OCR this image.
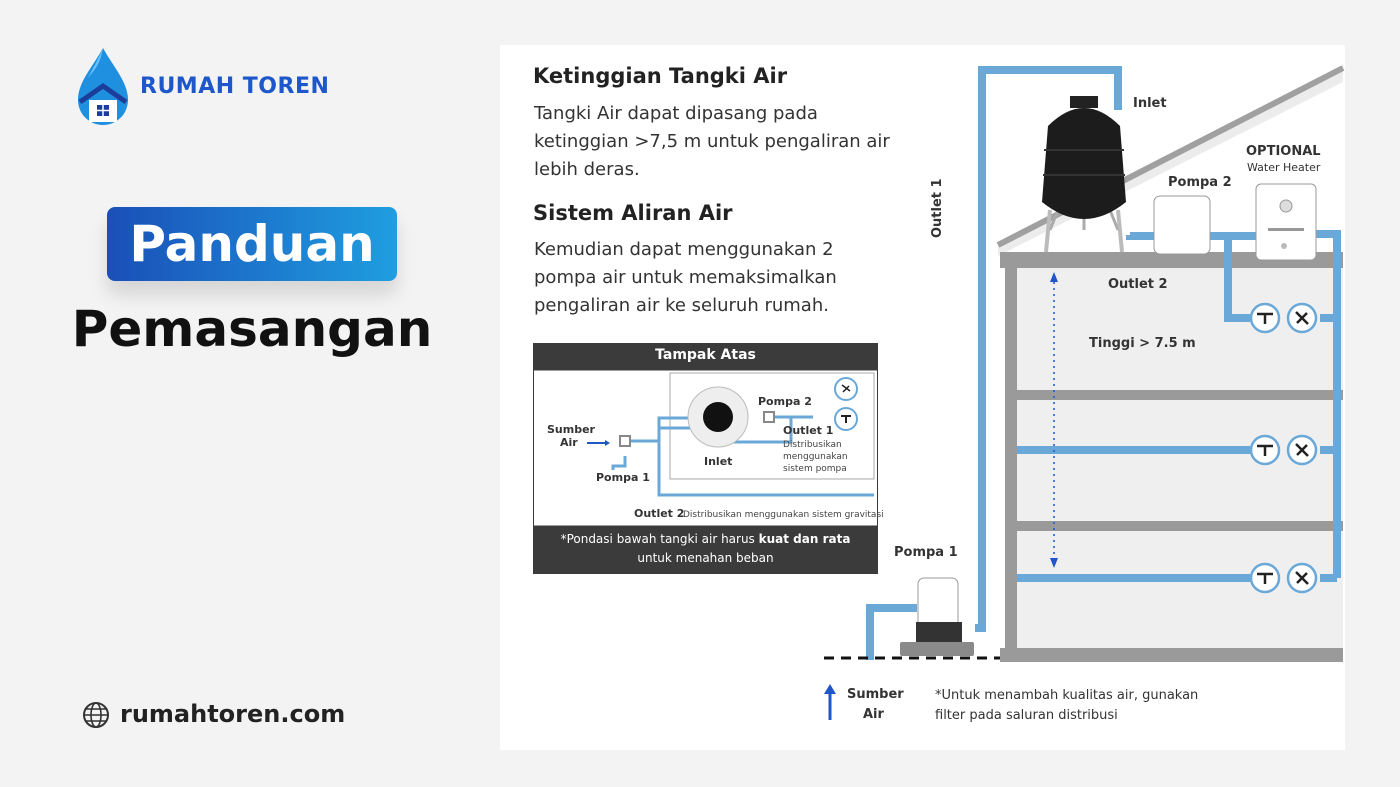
RUMAH TOREN
Panduan
Pemasangan
rumahtoren.com
Ketinggian Tangki Air
Tangki Air dapat dipasang pada ketinggian >7,5 m untuk pengaliran air lebih deras.
Sistem Aliran Air
Kemudian dapat menggunakan 2 pompa air untuk memaksimalkan pengaliran air ke seluruh rumah.
Tampak Atas
Sumber
Air
Pompa 1
Pompa 2
Inlet
Outlet 1
Distribusikan
menggunakan
sistem pompa
Outlet 2
Distribusikan menggunakan sistem gravitasi
*Pondasi bawah tangki air harus kuat dan rata
untuk menahan beban
Inlet
Outlet 1
Outlet 2
Pompa 2
OPTIONAL
Water Heater
Tinggi > 7.5 m
Pompa 1
Sumber
Air
*Untuk menambah kualitas air, gunakan
filter pada saluran distribusi
